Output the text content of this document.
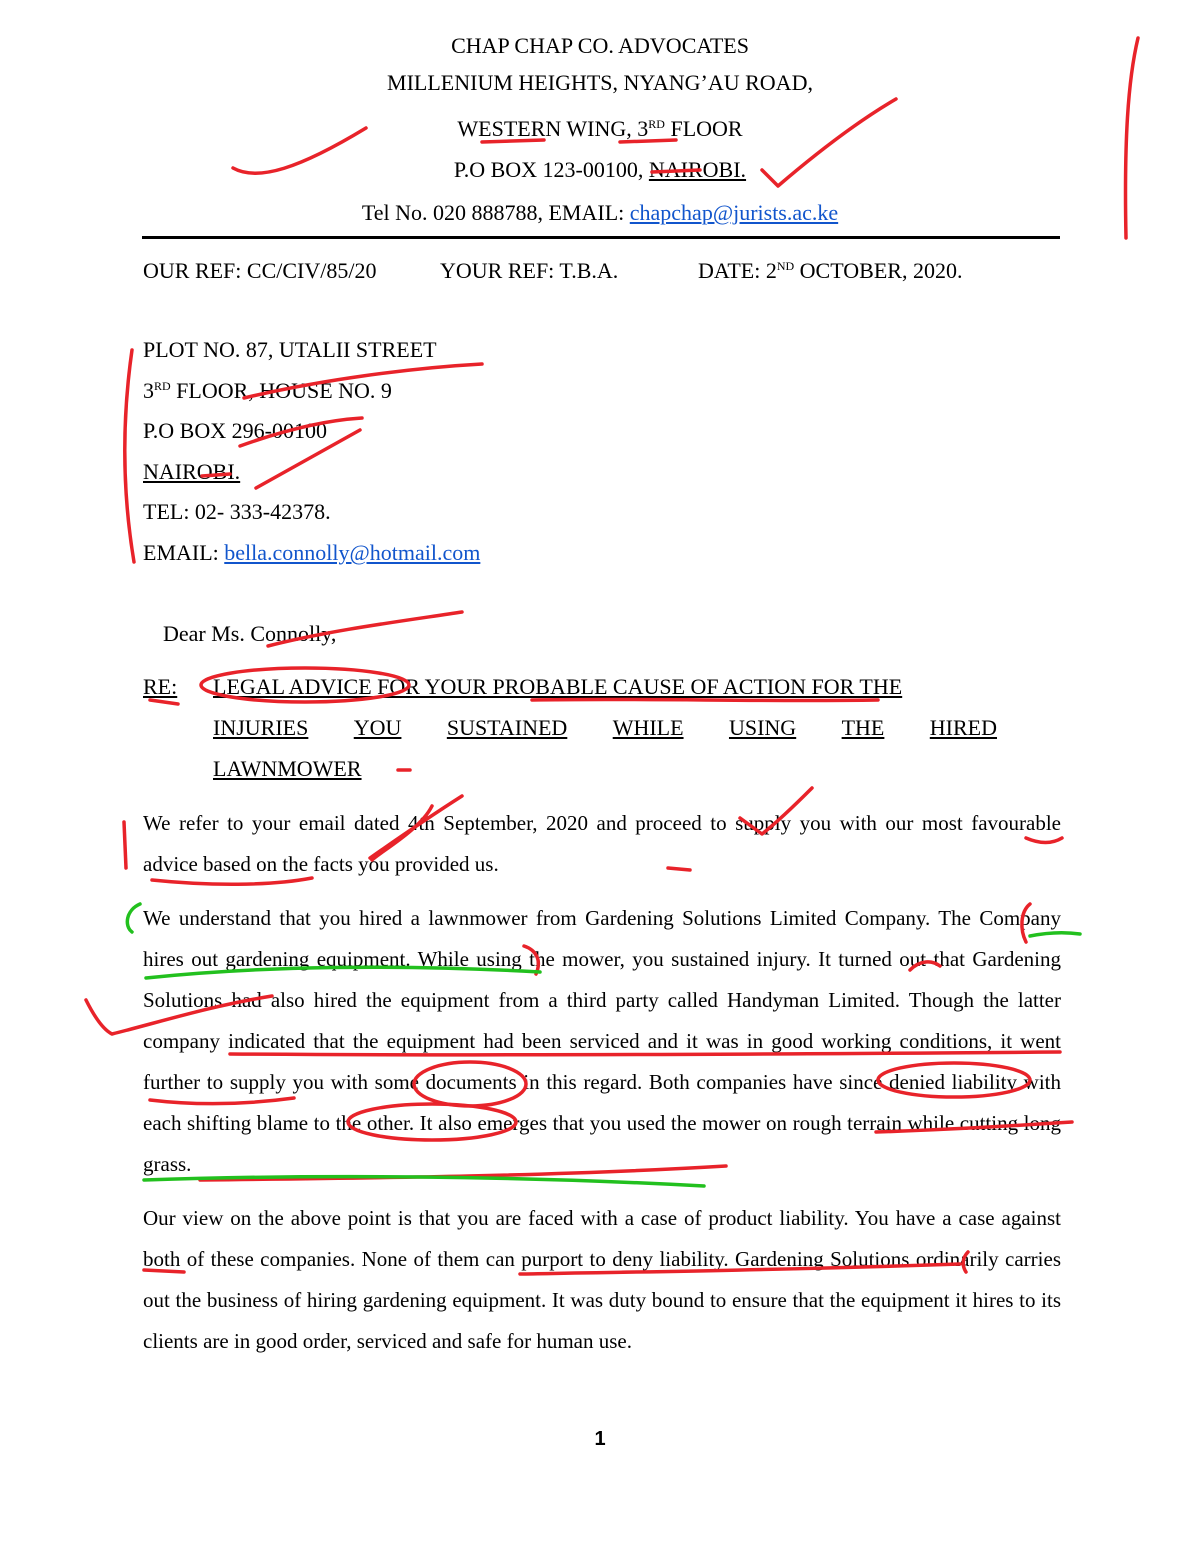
CHAP CHAP CO. ADVOCATES
MILLENIUM HEIGHTS, NYANG’AU ROAD,
WESTERN WING, 3RD FLOOR
P.O BOX 123-00100, NAIROBI.
Tel No. 020 888788, EMAIL: chapchap@jurists.ac.ke
OUR REF: CC/CIV/85/20	YOUR REF: T.B.A.	DATE: 2ND OCTOBER, 2020.
PLOT NO. 87, UTALII STREET
3RD FLOOR, HOUSE NO. 9
P.O BOX 296-00100
NAIROBI.
TEL: 02- 333-42378.
EMAIL: bella.connolly@hotmail.com
Dear Ms. Connolly,
RE: LEGAL ADVICE FOR YOUR PROBABLE CAUSE OF ACTION FOR THE
INJURIES YOU SUSTAINED WHILE USING THE HIRED
LAWNMOWER
We refer to your email dated 4th September, 2020 and proceed to supply you with our most favourable advice based on the facts you provided us.
We understand that you hired a lawnmower from Gardening Solutions Limited Company. The Company hires out gardening equipment. While using the mower, you sustained injury. It turned out that Gardening Solutions had also hired the equipment from a third party called Handyman Limited. Though the latter company indicated that the equipment had been serviced and it was in good working conditions, it went further to supply you with some documents in this regard. Both companies have since denied liability with each shifting blame to the other. It also emerges that you used the mower on rough terrain while cutting long grass.
Our view on the above point is that you are faced with a case of product liability. You have a case against both of these companies. None of them can purport to deny liability. Gardening Solutions ordinarily carries out the business of hiring gardening equipment. It was duty bound to ensure that the equipment it hires to its clients are in good order, serviced and safe for human use.
1
